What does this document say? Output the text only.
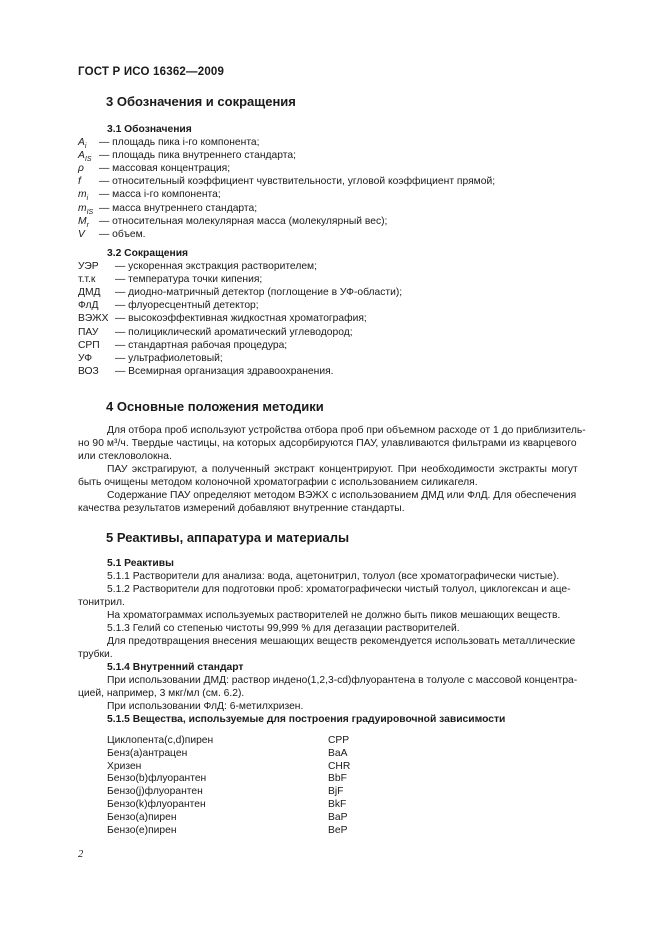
ГОСТ Р ИСО 16362—2009
3 Обозначения и сокращения
3.1 Обозначения
$A_i$ — площадь пика i-го компонента;
$A_{IS}$ — площадь пика внутреннего стандарта;
ρ — массовая концентрация;
f — относительный коэффициент чувствительности, угловой коэффициент прямой;
$m_i$ — масса i-го компонента;
$m_{IS}$ — масса внутреннего стандарта;
$M_r$ — относительная молекулярная масса (молекулярный вес);
V — объем.
3.2 Сокращения
УЭР — ускоренная экстракция растворителем;
т.т.к — температура точки кипения;
ДМД — диодно-матричный детектор (поглощение в УФ-области);
ФлД — флуоресцентный детектор;
ВЭЖХ — высокоэффективная жидкостная хроматография;
ПАУ — полициклический ароматический углеводород;
СРП — стандартная рабочая процедура;
УФ — ультрафиолетовый;
ВОЗ — Всемирная организация здравоохранения.
4 Основные положения методики
Для отбора проб используют устройства отбора проб при объемном расходе от 1 до приблизитель-
но 90 м³/ч. Твердые частицы, на которых адсорбируются ПАУ, улавливаются фильтрами из кварцевого
или стекловолокна.
ПАУ экстрагируют, а полученный экстракт концентрируют. При необходимости экстракты могут
быть очищены методом колоночной хроматографии с использованием силикагеля.
Содержание ПАУ определяют методом ВЭЖХ с использованием ДМД или ФлД. Для обеспечения
качества результатов измерений добавляют внутренние стандарты.
5 Реактивы, аппаратура и материалы
5.1 Реактивы
5.1.1 Растворители для анализа: вода, ацетонитрил, толуол (все хроматографически чистые).
5.1.2 Растворители для подготовки проб: хроматографически чистый толуол, циклогексан и аце-
тонитрил.
На хроматограммах используемых растворителей не должно быть пиков мешающих веществ.
5.1.3 Гелий со степенью чистоты 99,999 % для дегазации растворителей.
Для предотвращения внесения мешающих веществ рекомендуется использовать металлические
трубки.
5.1.4 Внутренний стандарт
При использовании ДМД: раствор индено(1,2,3-cd)флуорантена в толуоле с массовой концентра-
цией, например, 3 мкг/мл (см. 6.2).
При использовании ФлД: 6-метилхризен.
5.1.5 Вещества, используемые для построения градуировочной зависимости
Циклопента(c,d)пирен	CPP
Бенз(a)антрацен	BaA
Хризен	CHR
Бензо(b)флуорантен	BbF
Бензо(j)флуорантен	BjF
Бензо(k)флуорантен	BkF
Бензо(a)пирен	BaP
Бензо(e)пирен	BeP
2
